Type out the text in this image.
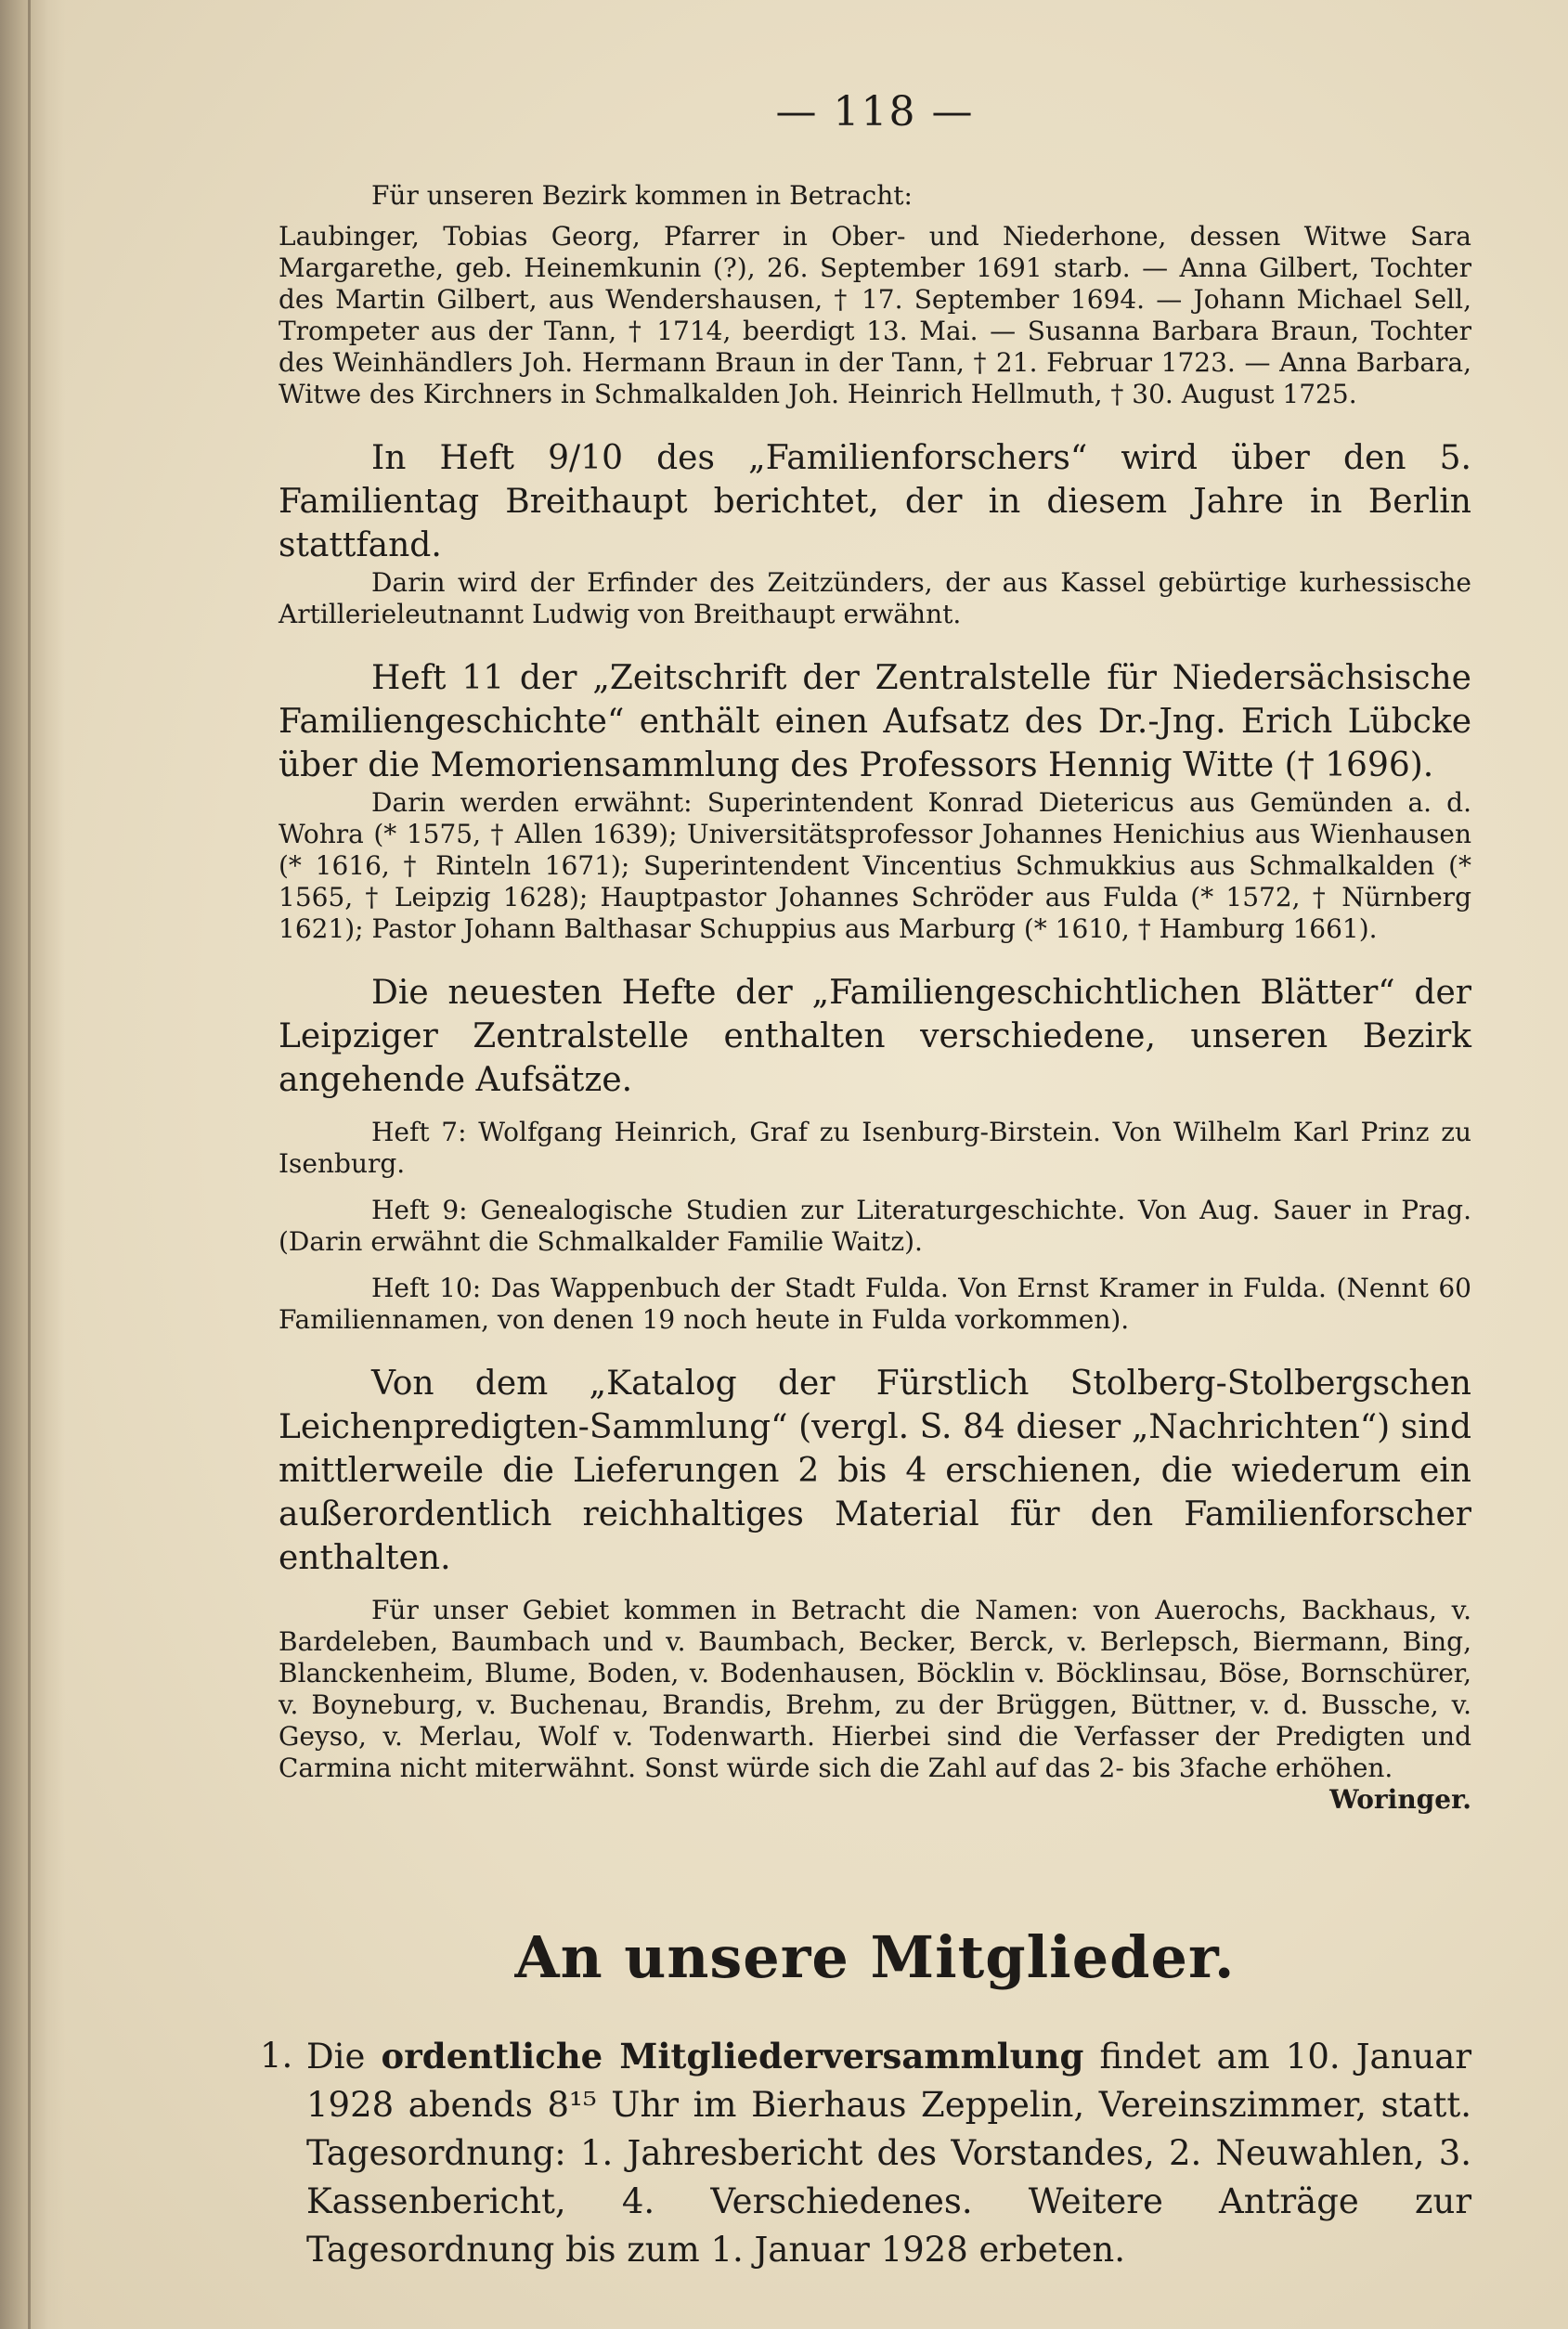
— 118 —

Für unseren Bezirk kommen in Betracht:

Laubinger, Tobias Georg, Pfarrer in Ober- und Niederhone, dessen Witwe Sara Margarethe, geb. Heinemkunin (?), 26. September 1691 starb. — Anna Gilbert, Tochter des Martin Gilbert, aus Wendershausen, † 17. September 1694. — Johann Michael Sell, Trompeter aus der Tann, † 1714, beerdigt 13. Mai. — Susanna Barbara Braun, Tochter des Weinhändlers Joh. Hermann Braun in der Tann, † 21. Februar 1723. — Anna Barbara, Witwe des Kirchners in Schmalkalden Joh. Heinrich Hellmuth, † 30. August 1725.

In Heft 9/10 des „Familienforschers“ wird über den 5. Familientag Breithaupt berichtet, der in diesem Jahre in Berlin stattfand.

Darin wird der Erfinder des Zeitzünders, der aus Kassel gebürtige kurhessische Artillerieleutnannt Ludwig von Breithaupt erwähnt.

Heft 11 der „Zeitschrift der Zentralstelle für Niedersächsische Familiengeschichte“ enthält einen Aufsatz des Dr.-Jng. Erich Lübcke über die Memoriensammlung des Professors Hennig Witte († 1696).

Darin werden erwähnt: Superintendent Konrad Dietericus aus Gemünden a. d. Wohra (* 1575, † Allen 1639); Universitätsprofessor Johannes Henichius aus Wienhausen (* 1616, † Rinteln 1671); Superintendent Vincentius Schmukkius aus Schmalkalden (* 1565, † Leipzig 1628); Hauptpastor Johannes Schröder aus Fulda (* 1572, † Nürnberg 1621); Pastor Johann Balthasar Schuppius aus Marburg (* 1610, † Hamburg 1661).

Die neuesten Hefte der „Familiengeschichtlichen Blätter“ der Leipziger Zentralstelle enthalten verschiedene, unseren Bezirk angehende Aufsätze.

Heft 7: Wolfgang Heinrich, Graf zu Isenburg-Birstein. Von Wilhelm Karl Prinz zu Isenburg.

Heft 9: Genealogische Studien zur Literaturgeschichte. Von Aug. Sauer in Prag. (Darin erwähnt die Schmalkalder Familie Waitz).

Heft 10: Das Wappenbuch der Stadt Fulda. Von Ernst Kramer in Fulda. (Nennt 60 Familiennamen, von denen 19 noch heute in Fulda vorkommen).

Von dem „Katalog der Fürstlich Stolberg-Stolbergschen Leichenpredigten-Sammlung“ (vergl. S. 84 dieser „Nachrichten“) sind mittlerweile die Lieferungen 2 bis 4 erschienen, die wiederum ein außerordentlich reichhaltiges Material für den Familienforscher enthalten.

Für unser Gebiet kommen in Betracht die Namen: von Auerochs, Backhaus, v. Bardeleben, Baumbach und v. Baumbach, Becker, Berck, v. Berlepsch, Biermann, Bing, Blanckenheim, Blume, Boden, v. Bodenhausen, Böcklin v. Böcklinsau, Böse, Bornschürer, v. Boyneburg, v. Buchenau, Brandis, Brehm, zu der Brüggen, Büttner, v. d. Bussche, v. Geyso, v. Merlau, Wolf v. Todenwarth. Hierbei sind die Verfasser der Predigten und Carmina nicht miterwähnt. Sonst würde sich die Zahl auf das 2- bis 3fache erhöhen.
Woringer.

An unsere Mitglieder.
1. Die ordentliche Mitgliederversammlung findet am 10. Januar 1928 abends 8¹⁵ Uhr im Bierhaus Zeppelin, Vereinszimmer, statt. Tagesordnung: 1. Jahresbericht des Vorstandes, 2. Neuwahlen, 3. Kassenbericht, 4. Verschiedenes. Weitere Anträge zur Tagesordnung bis zum 1. Januar 1928 erbeten.
